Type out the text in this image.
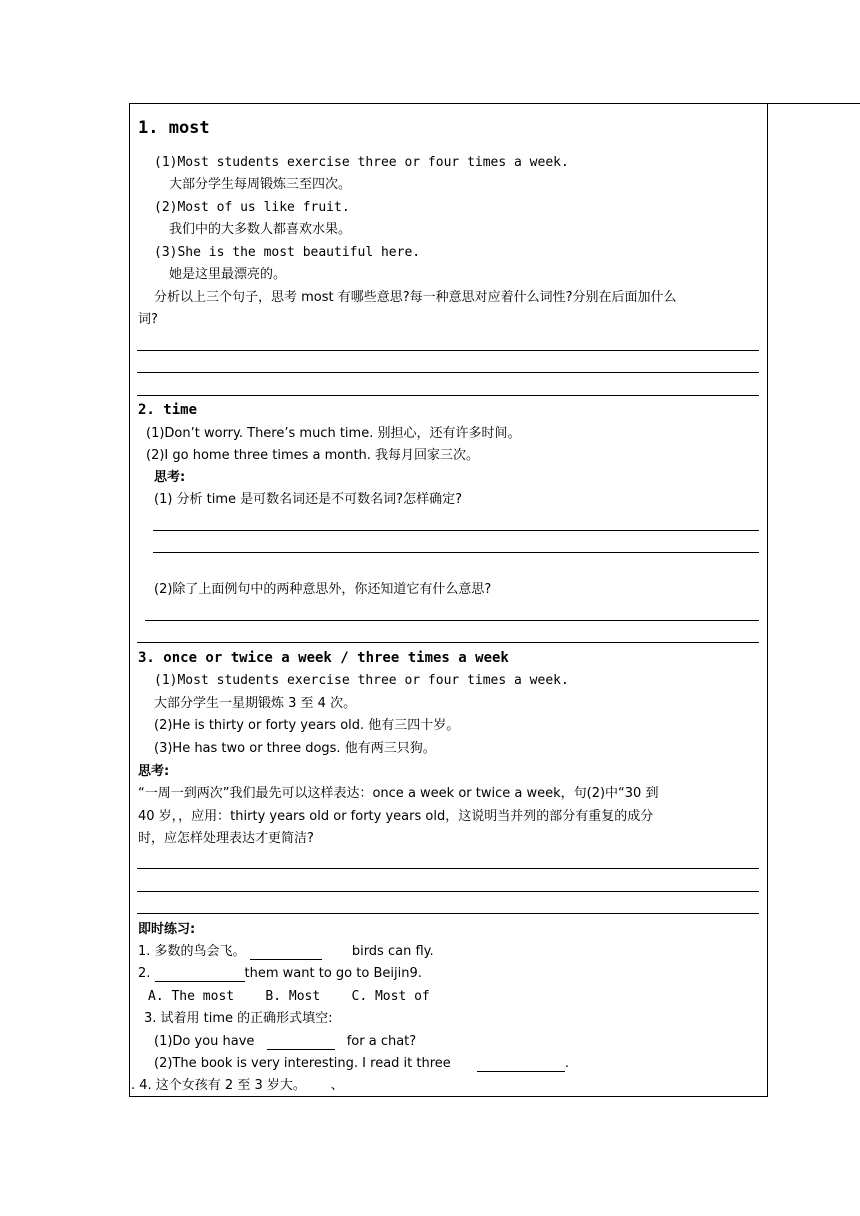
1. most
(1)Most students exercise three or four times a week.
大部分学生每周锻炼三至四次。
(2)Most of us like fruit.
我们中的大多数人都喜欢水果。
(3)She is the most beautiful here.
她是这里最漂亮的。
分析以上三个句子，思考 most 有哪些意思?每一种意思对应着什么词性?分别在后面加什么
词?
2. time
(1)Don’t worry. There’s much time. 别担心，还有许多时间。
(2)I go home three times a month. 我每月回家三次。
思考:
(1) 分析 time 是可数名词还是不可数名词?怎样确定?
(2)除了上面例句中的两种意思外，你还知道它有什么意思?
3. once or twice a week / three times a week
(1)Most students exercise three or four times a week.
大部分学生一星期锻炼 3 至 4 次。
(2)He is thirty or forty years old. 他有三四十岁。
(3)He has two or three dogs. 他有两三只狗。
思考:
“一周一到两次”我们最先可以这样表达：once a week or twice a week，句(2)中“30 到
40 岁，，应用：thirty years old or forty years old，这说明当并列的部分有重复的成分
时，应怎样处理表达才更简洁?
即时练习:
1. 多数的鸟会飞。	birds can fly.
2.	them want to go to Beijin9.
A. The most    B. Most    C. Most of
3. 试着用 time 的正确形式填空:
(1)Do you have	for a chat?
(2)The book is very interesting. I read it three	.
. 4. 这个女孩有 2 至 3 岁大。      、
